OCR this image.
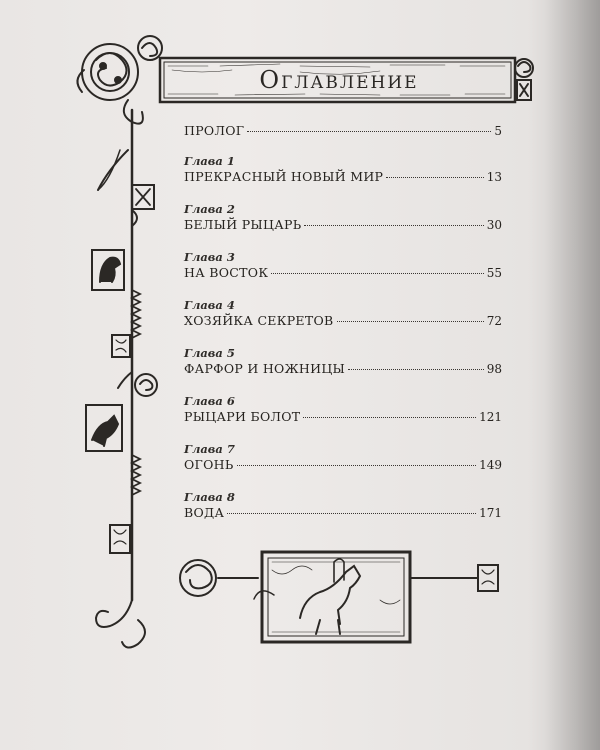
Оглавление
ПРОЛОГ	5
Глава 1
ПРЕКРАСНЫЙ НОВЫЙ МИР	13
Глава 2
БЕЛЫЙ РЫЦАРЬ	30
Глава 3
НА ВОСТОК	55
Глава 4
ХОЗЯЙКА СЕКРЕТОВ	72
Глава 5
ФАРФОР И НОЖНИЦЫ	98
Глава 6
РЫЦАРИ БОЛОТ	121
Глава 7
ОГОНЬ	149
Глава 8
ВОДА	171
